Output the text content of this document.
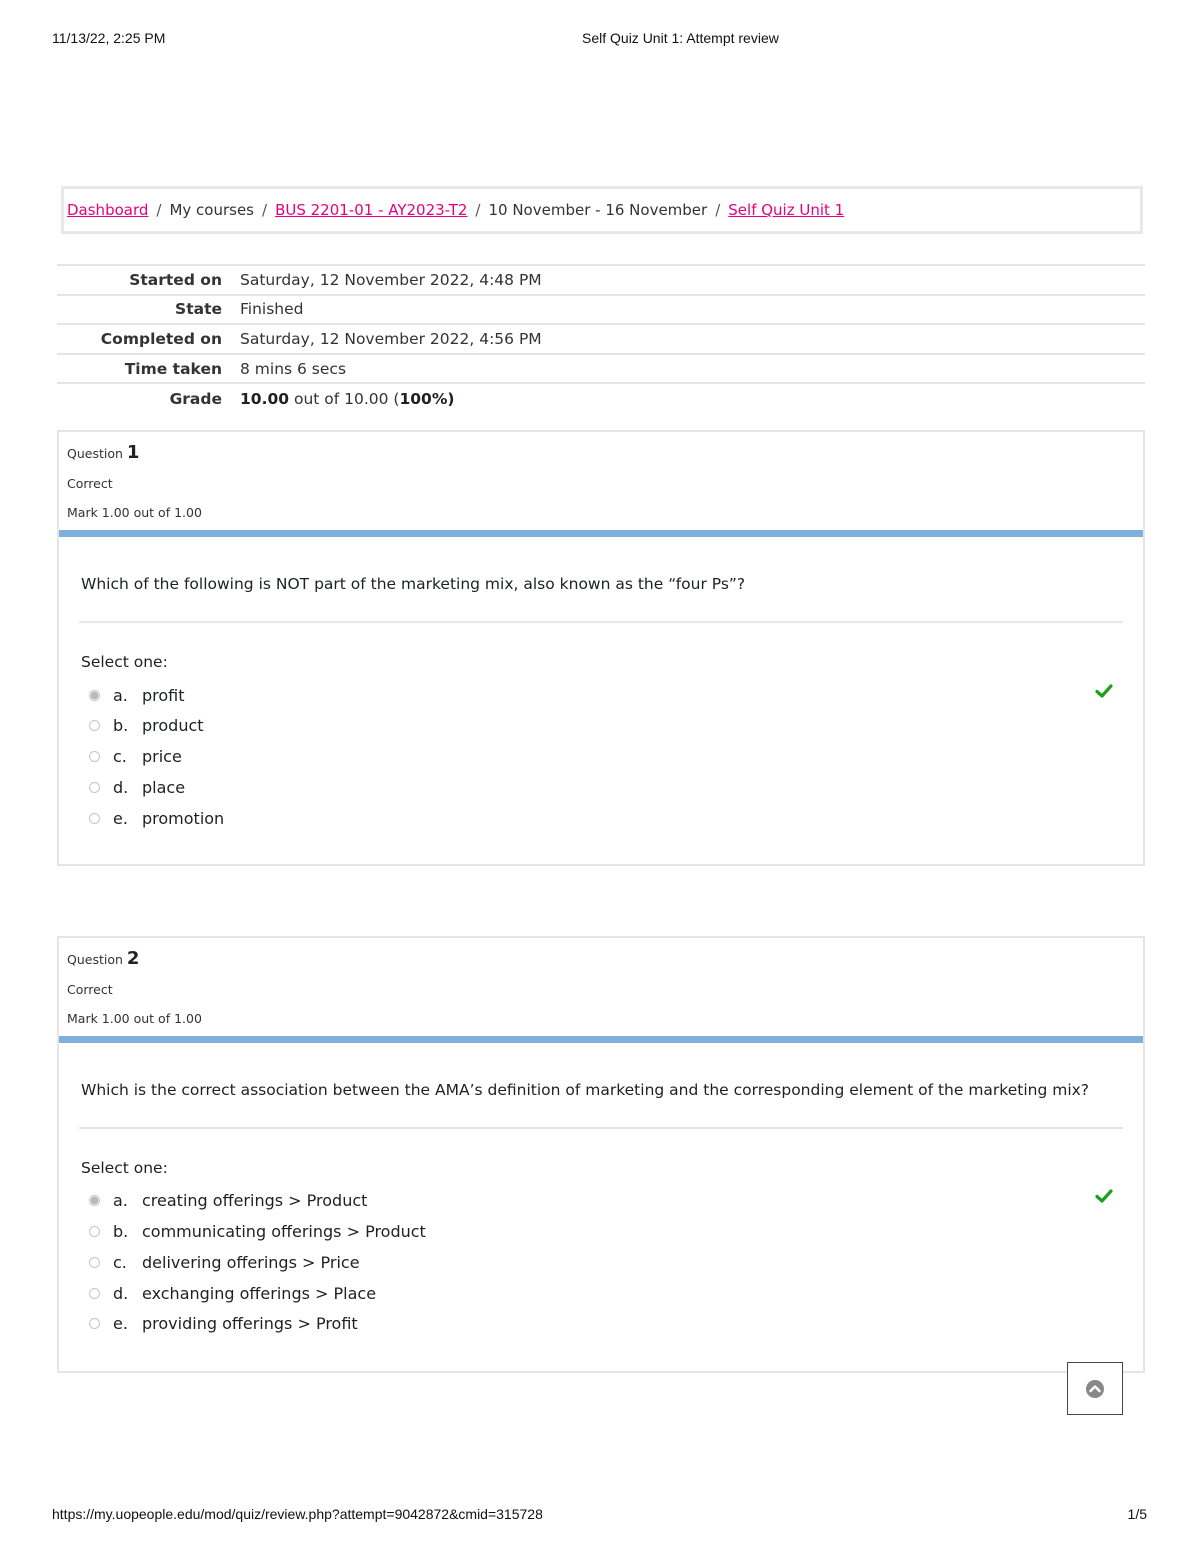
11/13/22, 2:25 PM	Self Quiz Unit 1: Attempt review
Dashboard / My courses / BUS 2201-01 - AY2023-T2 / 10 November - 16 November / Self Quiz Unit 1
Started on	Saturday, 12 November 2022, 4:48 PM
State	Finished
Completed on	Saturday, 12 November 2022, 4:56 PM
Time taken	8 mins 6 secs
Grade	10.00 out of 10.00 (100%)
Question 1
Correct
Mark 1.00 out of 1.00
Which of the following is NOT part of the marketing mix, also known as the “four Ps”?
Select one:
a. profit
b. product
c. price
d. place
e. promotion
Question 2
Correct
Mark 1.00 out of 1.00
Which is the correct association between the AMA’s definition of marketing and the corresponding element of the marketing mix?
Select one:
a. creating offerings > Product
b. communicating offerings > Product
c. delivering offerings > Price
d. exchanging offerings > Place
e. providing offerings > Profit
https://my.uopeople.edu/mod/quiz/review.php?attempt=9042872&cmid=315728	1/5
